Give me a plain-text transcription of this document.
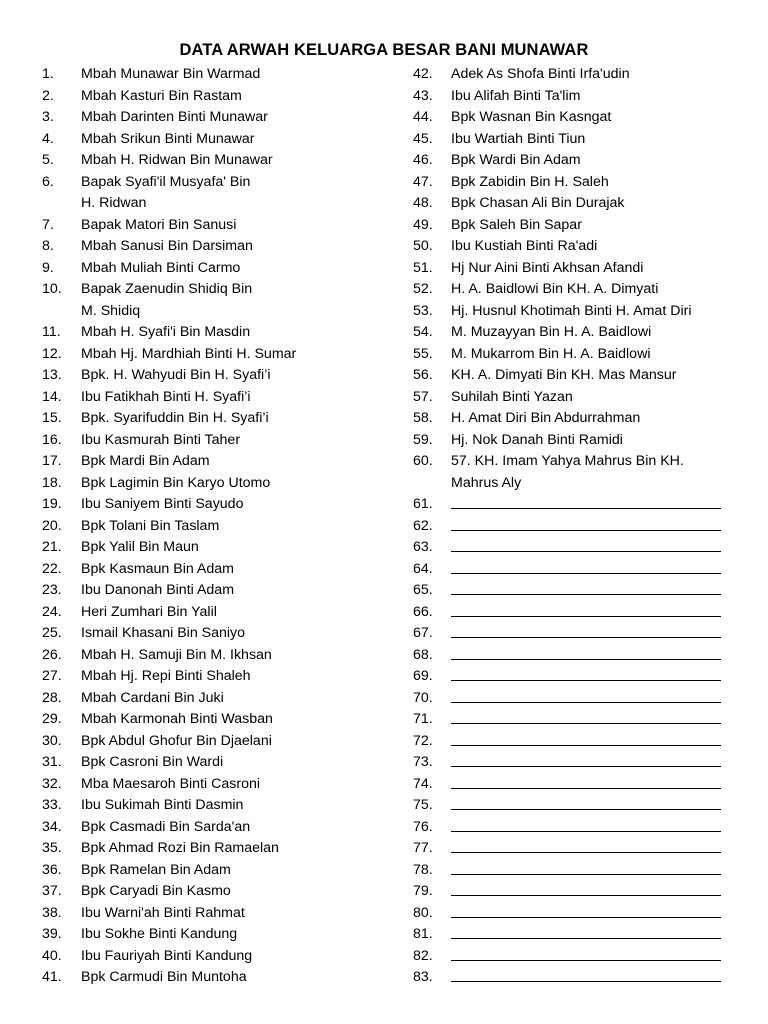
DATA ARWAH KELUARGA BESAR BANI MUNAWAR
1.	Mbah Munawar Bin Warmad
2.	Mbah Kasturi Bin Rastam
3.	Mbah Darinten Binti Munawar
4.	Mbah Srikun Binti Munawar
5.	Mbah H. Ridwan Bin Munawar
6.	Bapak Syafi'il Musyafa' Bin
H. Ridwan
7.	Bapak Matori Bin Sanusi
8.	Mbah Sanusi Bin Darsiman
9.	Mbah Muliah Binti Carmo
10.	Bapak Zaenudin Shidiq Bin
M. Shidiq
11.	Mbah H. Syafi'i Bin Masdin
12.	Mbah Hj. Mardhiah Binti H. Sumar
13.	Bpk. H. Wahyudi Bin H. Syafi’i
14.	Ibu Fatikhah Binti H. Syafi’i
15.	Bpk. Syarifuddin Bin H. Syafi’i
16.	Ibu Kasmurah Binti Taher
17.	Bpk Mardi Bin Adam
18.	Bpk Lagimin Bin Karyo Utomo
19.	Ibu Saniyem Binti Sayudo
20.	Bpk Tolani Bin Taslam
21.	Bpk Yalil Bin Maun
22.	Bpk Kasmaun Bin Adam
23.	Ibu Danonah Binti Adam
24.	Heri Zumhari Bin Yalil
25.	Ismail Khasani Bin Saniyo
26.	Mbah H. Samuji Bin M. Ikhsan
27.	Mbah Hj. Repi Binti Shaleh
28.	Mbah Cardani Bin Juki
29.	Mbah Karmonah Binti Wasban
30.	Bpk Abdul Ghofur Bin Djaelani
31.	Bpk Casroni Bin Wardi
32.	Mba Maesaroh Binti Casroni
33.	Ibu Sukimah Binti Dasmin
34.	Bpk Casmadi Bin Sarda'an
35.	Bpk Ahmad Rozi Bin Ramaelan
36.	Bpk Ramelan Bin Adam
37.	Bpk Caryadi Bin Kasmo
38.	Ibu Warni'ah Binti Rahmat
39.	Ibu Sokhe Binti Kandung
40.	Ibu Fauriyah Binti Kandung
41.	Bpk Carmudi Bin Muntoha
42.	Adek As Shofa Binti Irfa'udin
43.	Ibu Alifah Binti Ta'lim
44.	Bpk Wasnan Bin Kasngat
45.	Ibu Wartiah Binti Tiun
46.	Bpk Wardi Bin Adam
47.	Bpk Zabidin Bin H. Saleh
48.	Bpk Chasan Ali Bin Durajak
49.	Bpk Saleh Bin Sapar
50.	Ibu Kustiah Binti Ra'adi
51.	Hj Nur Aini Binti Akhsan Afandi
52.	H. A. Baidlowi Bin KH. A. Dimyati
53.	Hj. Husnul Khotimah Binti H. Amat Diri
54.	M. Muzayyan Bin H. A. Baidlowi
55.	M. Mukarrom Bin H. A. Baidlowi
56.	KH. A. Dimyati Bin KH. Mas Mansur
57.	Suhilah Binti Yazan
58.	H. Amat Diri Bin Abdurrahman
59.	Hj. Nok Danah Binti Ramidi
60.	57. KH. Imam Yahya Mahrus Bin KH.
Mahrus Aly
61.
62.
63.
64.
65.
66.
67.
68.
69.
70.
71.
72.
73.
74.
75.
76.
77.
78.
79.
80.
81.
82.
83.
